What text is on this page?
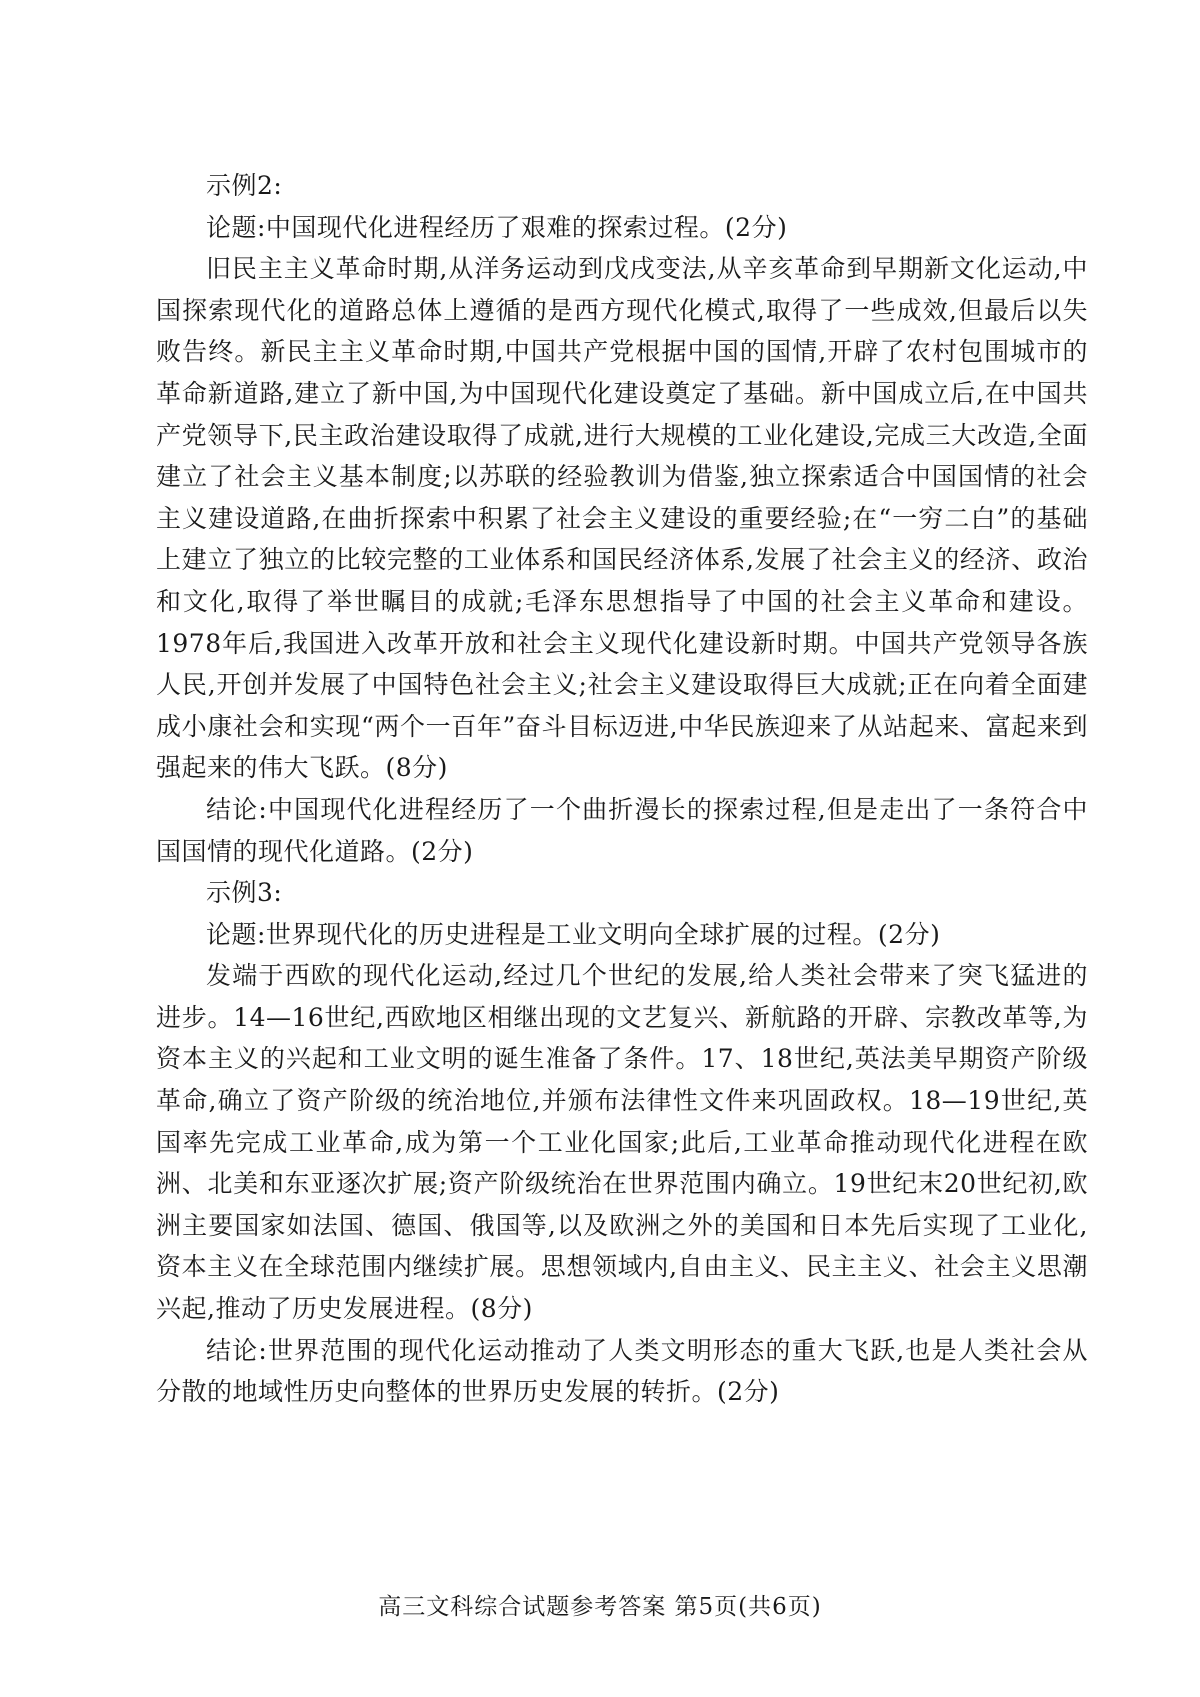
示例2:

论题:中国现代化进程经历了艰难的探索过程。(2分)

旧民主主义革命时期,从洋务运动到戊戌变法,从辛亥革命到早期新文化运动,中国探索现代化的道路总体上遵循的是西方现代化模式,取得了一些成效,但最后以失败告终。新民主主义革命时期,中国共产党根据中国的国情,开辟了农村包围城市的革命新道路,建立了新中国,为中国现代化建设奠定了基础。新中国成立后,在中国共产党领导下,民主政治建设取得了成就,进行大规模的工业化建设,完成三大改造,全面建立了社会主义基本制度;以苏联的经验教训为借鉴,独立探索适合中国国情的社会主义建设道路,在曲折探索中积累了社会主义建设的重要经验;在“一穷二白”的基础上建立了独立的比较完整的工业体系和国民经济体系,发展了社会主义的经济、政治和文化,取得了举世瞩目的成就;毛泽东思想指导了中国的社会主义革命和建设。1978年后,我国进入改革开放和社会主义现代化建设新时期。中国共产党领导各族人民,开创并发展了中国特色社会主义;社会主义建设取得巨大成就;正在向着全面建成小康社会和实现“两个一百年”奋斗目标迈进,中华民族迎来了从站起来、富起来到强起来的伟大飞跃。(8分)

结论:中国现代化进程经历了一个曲折漫长的探索过程,但是走出了一条符合中国国情的现代化道路。(2分)

示例3:

论题:世界现代化的历史进程是工业文明向全球扩展的过程。(2分)

发端于西欧的现代化运动,经过几个世纪的发展,给人类社会带来了突飞猛进的进步。14—16世纪,西欧地区相继出现的文艺复兴、新航路的开辟、宗教改革等,为资本主义的兴起和工业文明的诞生准备了条件。17、18世纪,英法美早期资产阶级革命,确立了资产阶级的统治地位,并颁布法律性文件来巩固政权。18—19世纪,英国率先完成工业革命,成为第一个工业化国家;此后,工业革命推动现代化进程在欧洲、北美和东亚逐次扩展;资产阶级统治在世界范围内确立。19世纪末20世纪初,欧洲主要国家如法国、德国、俄国等,以及欧洲之外的美国和日本先后实现了工业化,资本主义在全球范围内继续扩展。思想领域内,自由主义、民主主义、社会主义思潮兴起,推动了历史发展进程。(8分)

结论:世界范围的现代化运动推动了人类文明形态的重大飞跃,也是人类社会从分散的地域性历史向整体的世界历史发展的转折。(2分)

高三文科综合试题参考答案 第5页(共6页)
